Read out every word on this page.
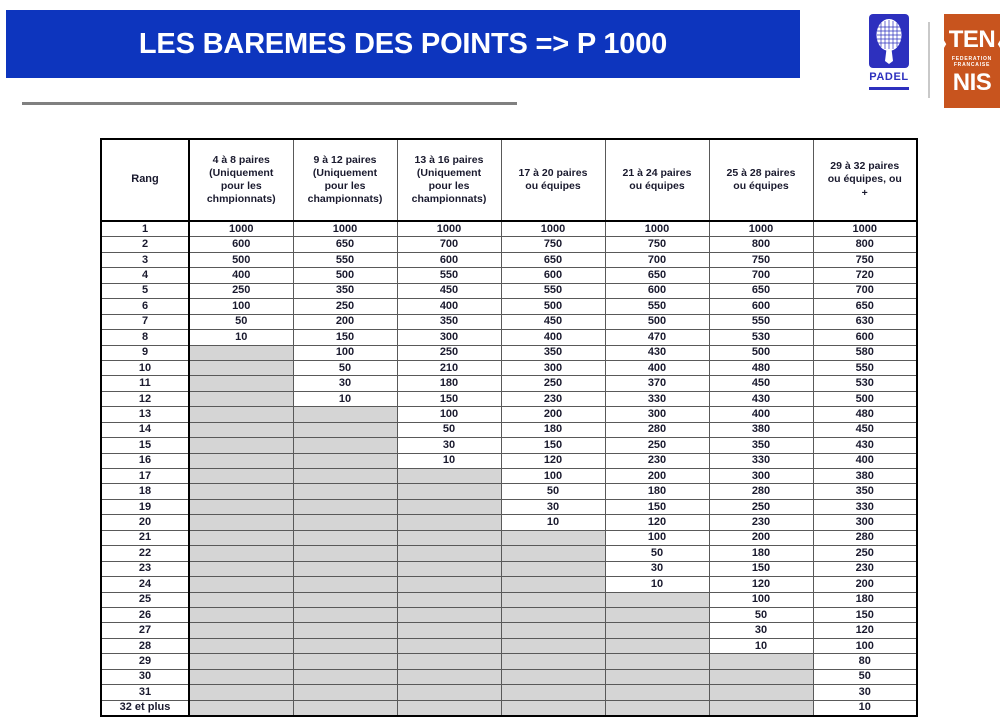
LES BAREMES DES POINTS => P 1000
PADEL
TEN
FEDERATION
FRANCAISE
NIS
Rang	4 à 8 paires
(Uniquement
pour les
chmpionnats)	9 à 12 paires
(Uniquement
pour les
championnats)	13 à 16 paires
(Uniquement
pour les
championnats)	17 à 20 paires
ou équipes	21 à 24 paires
ou équipes	25 à 28 paires
ou équipes	29 à 32 paires
ou équipes, ou
+
1	1000	1000	1000	1000	1000	1000	1000
2	600	650	700	750	750	800	800
3	500	550	600	650	700	750	750
4	400	500	550	600	650	700	720
5	250	350	450	550	600	650	700
6	100	250	400	500	550	600	650
7	50	200	350	450	500	550	630
8	10	150	300	400	470	530	600
9		100	250	350	430	500	580
10		50	210	300	400	480	550
11		30	180	250	370	450	530
12		10	150	230	330	430	500
13			100	200	300	400	480
14			50	180	280	380	450
15			30	150	250	350	430
16			10	120	230	330	400
17				100	200	300	380
18				50	180	280	350
19				30	150	250	330
20				10	120	230	300
21					100	200	280
22					50	180	250
23					30	150	230
24					10	120	200
25						100	180
26						50	150
27						30	120
28						10	100
29							80
30							50
31							30
32 et plus							10
